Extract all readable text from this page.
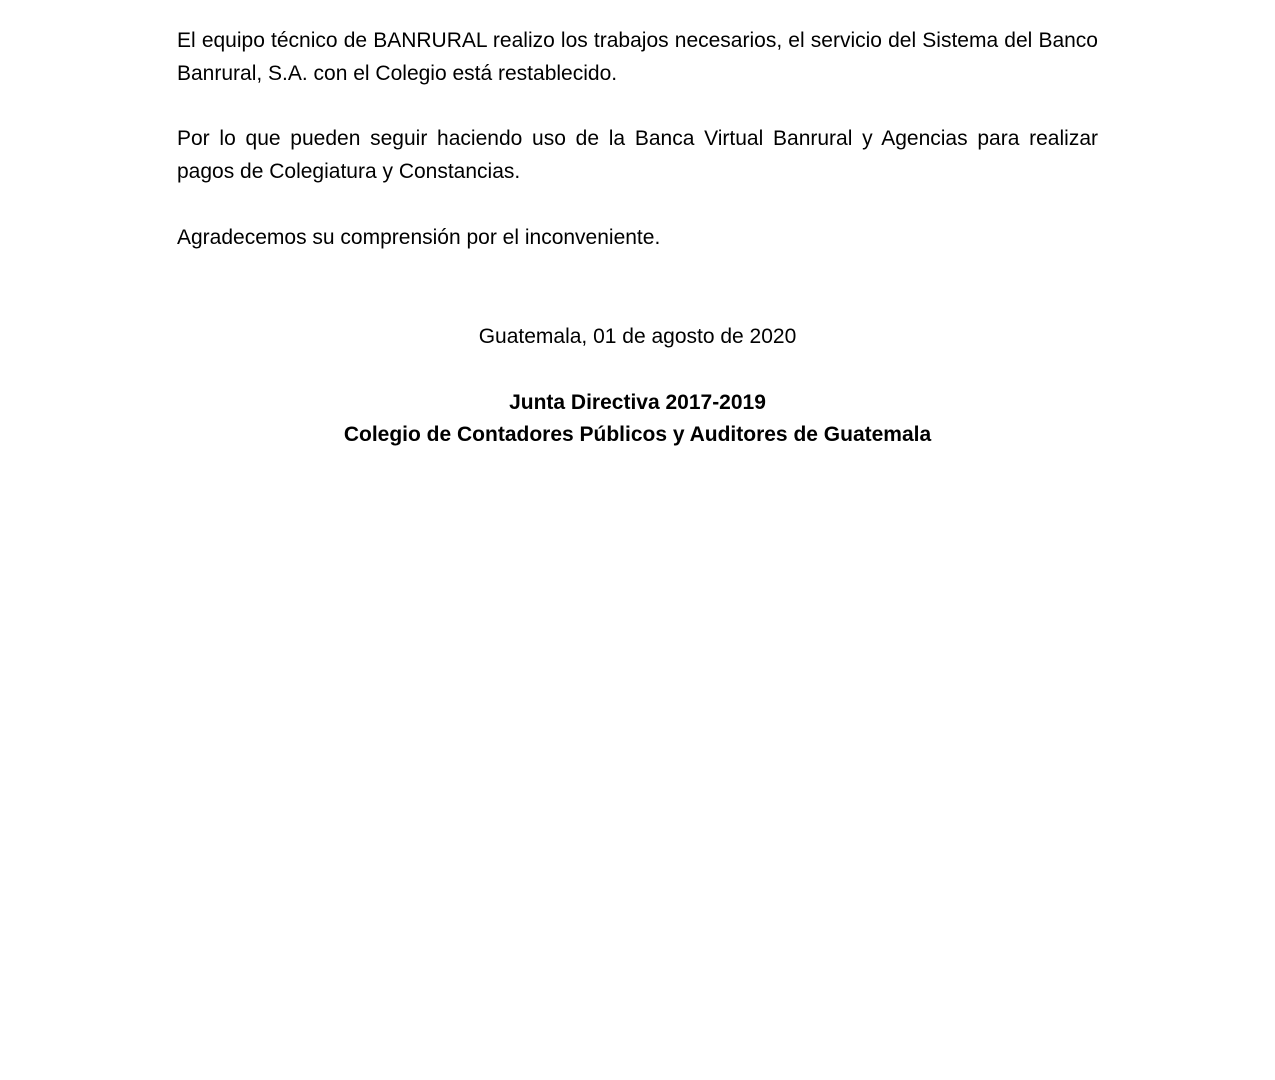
El equipo técnico de BANRURAL realizo los trabajos necesarios, el servicio del Sistema del Banco Banrural, S.A. con el Colegio está restablecido.

Por lo que pueden seguir haciendo uso de la Banca Virtual Banrural y Agencias para realizar pagos de Colegiatura y Constancias.

Agradecemos su comprensión por el inconveniente.

Guatemala, 01 de agosto de 2020

Junta Directiva 2017-2019

Colegio de Contadores Públicos y Auditores de Guatemala
